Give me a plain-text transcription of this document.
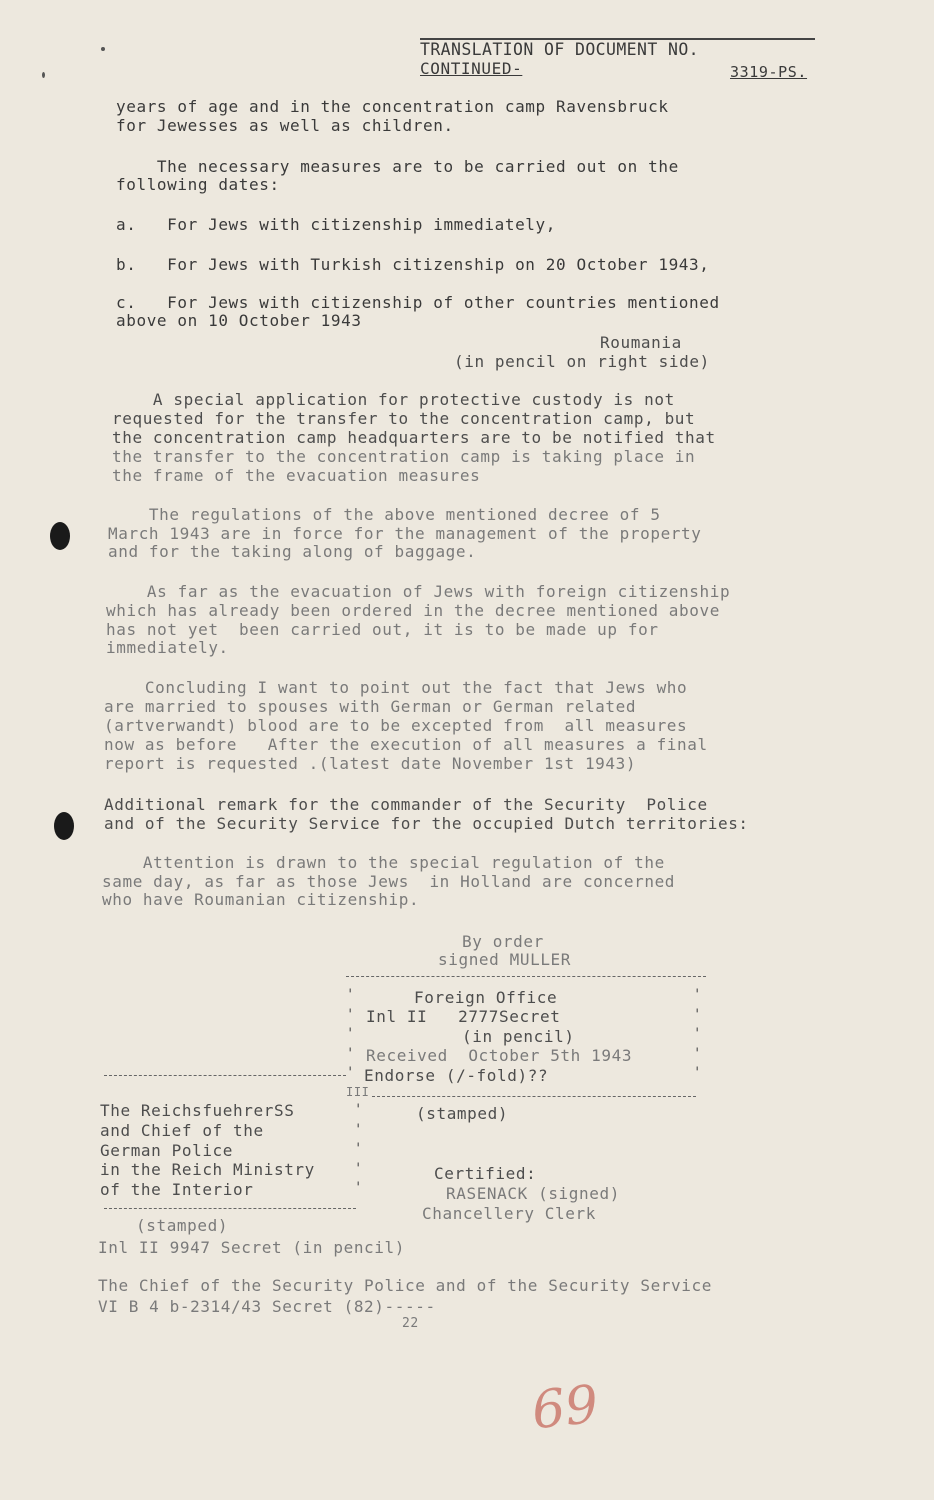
TRANSLATION OF DOCUMENT NO.
CONTINUED-	3319-PS.
years of age and in the concentration camp Ravensbruck
for Jewesses as well as children.
The necessary measures are to be carried out on the
following dates:
a.   For Jews with citizenship immediately,
b.   For Jews with Turkish citizenship on 20 October 1943,
c.   For Jews with citizenship of other countries mentioned
above on 10 October 1943
Roumania
(in pencil on right side)
A special application for protective custody is not
requested for the transfer to the concentration camp, but
the concentration camp headquarters are to be notified that
the transfer to the concentration camp is taking place in
the frame of the evacuation measures
The regulations of the above mentioned decree of 5
March 1943 are in force for the management of the property
and for the taking along of baggage.
As far as the evacuation of Jews with foreign citizenship
which has already been ordered in the decree mentioned above
has not yet  been carried out, it is to be made up for
immediately.
Concluding I want to point out the fact that Jews who
are married to spouses with German or German related
(artverwandt) blood are to be excepted from  all measures
now as before   After the execution of all measures a final
report is requested .(latest date November 1st 1943)
Additional remark for the commander of the Security  Police
and of the Security Service for the occupied Dutch territories:
Attention is drawn to the special regulation of the
same day, as far as those Jews  in Holland are concerned
who have Roumanian citizenship.
By order
signed MULLER
'
'
'
'
'
'
'
'
'
'
Foreign Office
Inl II   2777Secret
(in pencil)
Received  October 5th 1943
Endorse (/-fold)??
III
The ReichsfuehrerSS
and Chief of the
German Police
in the Reich Ministry
of the Interior
'
'
'
'
'
(stamped)
Inl II 9947 Secret (in pencil)
(stamped)
Certified:
RASENACK (signed)
Chancellery Clerk
The Chief of the Security Police and of the Security Service
VI B 4 b-2314/43 Secret (82)-----
22
69
